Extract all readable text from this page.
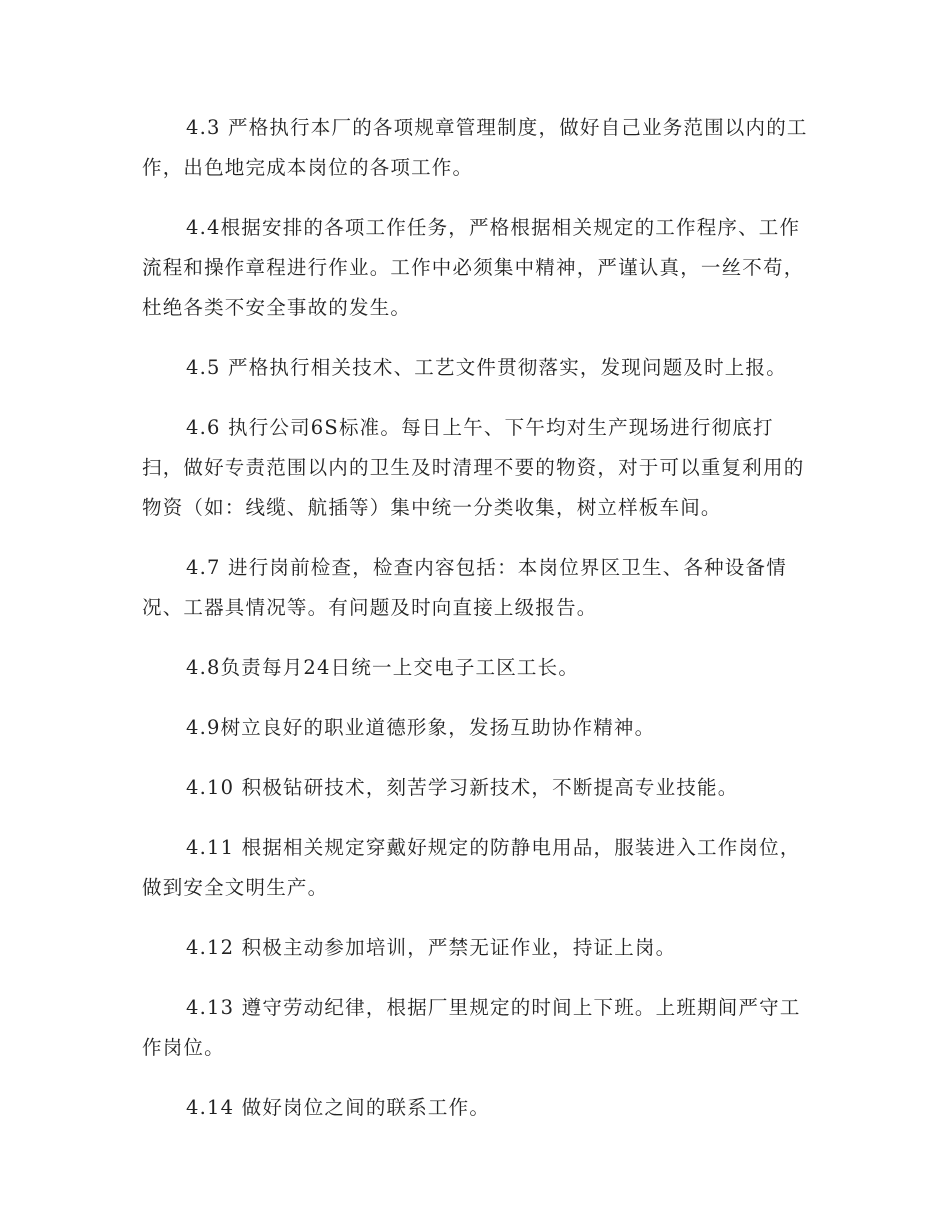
4.3 严格执行本厂的各项规章管理制度，做好自己业务范围以内的工作，出色地完成本岗位的各项工作。

4.4根据安排的各项工作任务，严格根据相关规定的工作程序、工作流程和操作章程进行作业。工作中必须集中精神，严谨认真，一丝不苟，杜绝各类不安全事故的发生。

4.5 严格执行相关技术、工艺文件贯彻落实，发现问题及时上报。

4.6 执行公司6S标准。每日上午、下午均对生产现场进行彻底打扫，做好专责范围以内的卫生及时清理不要的物资，对于可以重复利用的物资（如：线缆、航插等）集中统一分类收集，树立样板车间。

4.7 进行岗前检查，检查内容包括：本岗位界区卫生、各种设备情况、工器具情况等。有问题及时向直接上级报告。

4.8负责每月24日统一上交电子工区工长。

4.9树立良好的职业道德形象，发扬互助协作精神。

4.10 积极钻研技术，刻苦学习新技术，不断提高专业技能。

4.11 根据相关规定穿戴好规定的防静电用品，服装进入工作岗位，做到安全文明生产。

4.12 积极主动参加培训，严禁无证作业，持证上岗。

4.13 遵守劳动纪律，根据厂里规定的时间上下班。上班期间严守工作岗位。

4.14 做好岗位之间的联系工作。
